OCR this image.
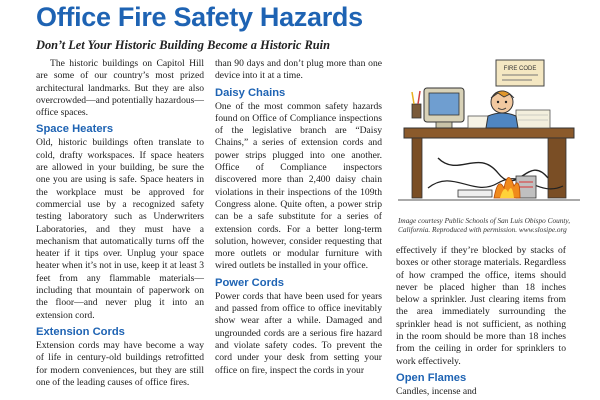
Office Fire Safety Hazards
Don’t Let Your Historic Building Become a Historic Ruin

The historic buildings on Capitol Hill are some of our country’s most prized architectural landmarks. But they are also overcrowded—and potentially hazardous—office spaces.

Space Heaters

Old, historic buildings often translate to cold, drafty workspaces. If space heaters are allowed in your building, be sure the one you are using is safe. Space heaters in the workplace must be approved for commercial use by a recognized safety testing laboratory such as Underwriters Laboratories, and they must have a mechanism that automatically turns off the heater if it tips over. Unplug your space heater when it’s not in use, keep it at least 3 feet from any flammable materials—including that mountain of paperwork on the floor—and never plug it into an extension cord.

Extension Cords

Extension cords may have become a way of life in century-old buildings retrofitted for modern conveniences, but they are still one of the leading causes of office fires.

than 90 days and don’t plug more than one device into it at a time.

Daisy Chains

One of the most common safety hazards found on Office of Compliance inspections of the legislative branch are “Daisy Chains,” a series of extension cords and power strips plugged into one another. Office of Compliance inspectors discovered more than 2,400 daisy chain violations in their inspections of the 109th Congress alone. Quite often, a power strip can be a safe substitute for a series of extension cords. For a better long-term solution, however, consider requesting that more outlets or modular furniture with wired outlets be installed in your office.

Power Cords

Power cords that have been used for years and passed from office to office inevitably show wear after a while. Damaged and ungrounded cords are a serious fire hazard and violate safety codes. To prevent the cord under your desk from setting your office on fire, inspect the cords in your

FIRE CODE
Image courtesy Public Schools of San Luis Obispo County, California. Reproduced with permission. www.slosipe.org

effectively if they’re blocked by stacks of boxes or other storage materials. Regardless of how cramped the office, items should never be placed higher than 18 inches below a sprinkler. Just clearing items from the area immediately surrounding the sprinkler head is not sufficient, as nothing in the room should be more than 18 inches from the ceiling in order for sprinklers to work effectively.

Open Flames

Candles, incense and
